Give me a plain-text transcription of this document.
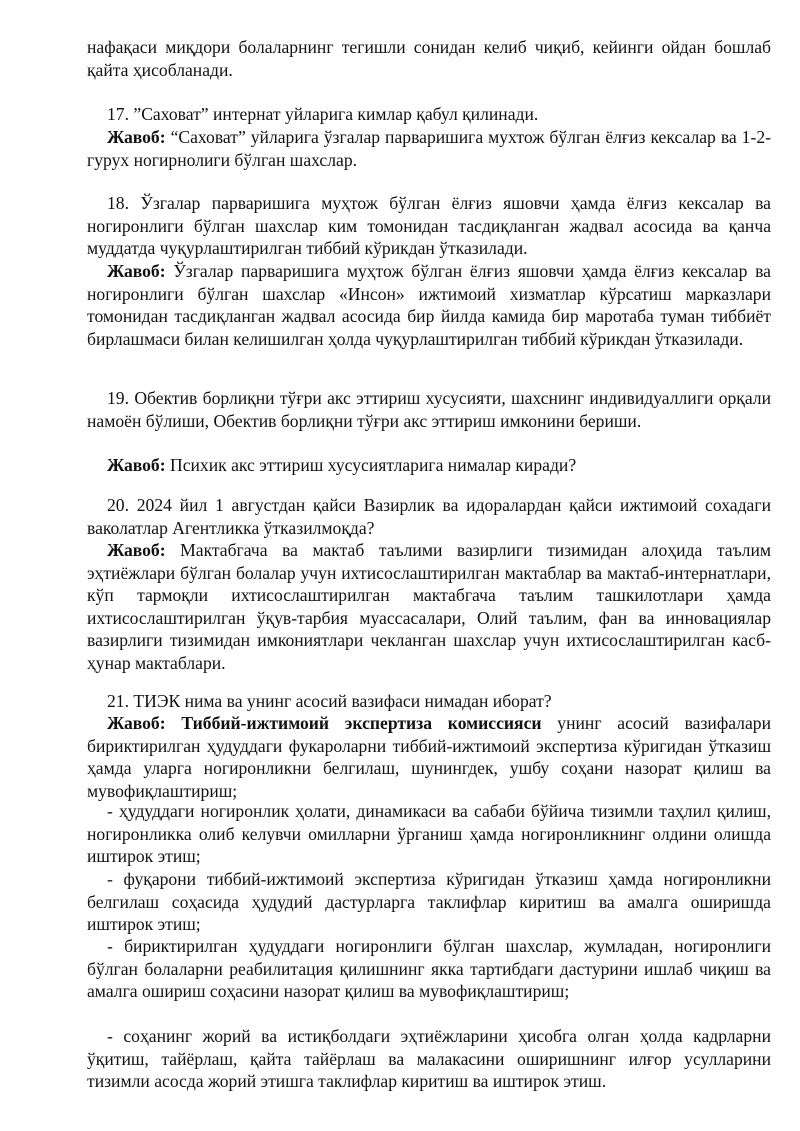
нафақаси миқдори болаларнинг тегишли сонидан келиб чиқиб, кейинги ойдан бошлаб қайта ҳисобланади.

17. ”Саховат” интернат уйларига кимлар қабул қилинади.

Жавоб: “Саховат” уйларига ўзгалар парваришига мухтож бўлган ёлғиз кексалар ва 1-2-гурух ногирнолиги бўлган шахслар.

18. Ўзгалар парваришига муҳтож бўлган ёлғиз яшовчи ҳамда ёлғиз кексалар ва ногиронлиги бўлган шахслар ким томонидан тасдиқланган жадвал асосида ва қанча муддатда чуқурлаштирилган тиббий кўрикдан ўтказилади.

Жавоб: Ўзгалар парваришига муҳтож бўлган ёлғиз яшовчи ҳамда ёлғиз кексалар ва ногиронлиги бўлган шахслар «Инсон» ижтимоий хизматлар кўрсатиш марказлари томонидан тасдиқланган жадвал асосида бир йилда камида бир маротаба туман тиббиёт бирлашмаси билан келишилган ҳолда чуқурлаштирилган тиббий кўрикдан ўтказилади.

19. Обектив борлиқни тўғри акс эттириш хусусияти, шахснинг индивидуаллиги орқали намоён бўлиши, Обектив борлиқни тўғри акс эттириш имконини бериши.

Жавоб: Психик акс эттириш хусусиятларига нималар киради?

20. 2024 йил 1 августдан қайси Вазирлик ва идоралардан қайси ижтимоий сохадаги ваколатлар Агентликка ўтказилмоқда?

Жавоб: Мактабгача ва мактаб таълими вазирлиги тизимидан алоҳида таълим эҳтиёжлари бўлган болалар учун ихтисослаштирилган мактаблар ва мактаб-интернатлари, кўп тармоқли ихтисослаштирилган мактабгача таълим ташкилотлари ҳамда ихтисослаштирилган ўқув-тарбия муассасалари, Олий таълим, фан ва инновациялар вазирлиги тизимидан имкониятлари чекланган шахслар учун ихтисослаштирилган касб-ҳунар мактаблари.

21. ТИЭК нима ва унинг асосий вазифаси нимадан иборат?

Жавоб: Тиббий-ижтимоий экспертиза комиссияси унинг асосий вазифалари бириктирилган ҳудуддаги фукароларни тиббий-ижтимоий экспертиза кўригидан ўтказиш ҳамда уларга ногиронликни белгилаш, шунингдек, ушбу соҳани назорат қилиш ва мувофиқлаштириш;

- ҳудуддаги ногиронлик ҳолати, динамикаси ва сабаби бўйича тизимли таҳлил қилиш, ногиронликка олиб келувчи омилларни ўрганиш ҳамда ногиронликнинг олдини олишда иштирок этиш;

- фуқарони тиббий-ижтимоий экспертиза кўригидан ўтказиш ҳамда ногиронликни белгилаш соҳасида ҳудудий дастурларга таклифлар киритиш ва амалга оширишда иштирок этиш;

- бириктирилган ҳудуддаги ногиронлиги бўлган шахслар, жумладан, ногиронлиги бўлган болаларни реабилитация қилишнинг якка тартибдаги дастурини ишлаб чиқиш ва амалга ошириш соҳасини назорат қилиш ва мувофиқлаштириш;

- соҳанинг жорий ва истиқболдаги эҳтиёжларини ҳисобга олган ҳолда кадрларни ўқитиш, тайёрлаш, қайта тайёрлаш ва малакасини оширишнинг илғор усулларини тизимли асосда жорий этишга таклифлар киритиш ва иштирок этиш.
